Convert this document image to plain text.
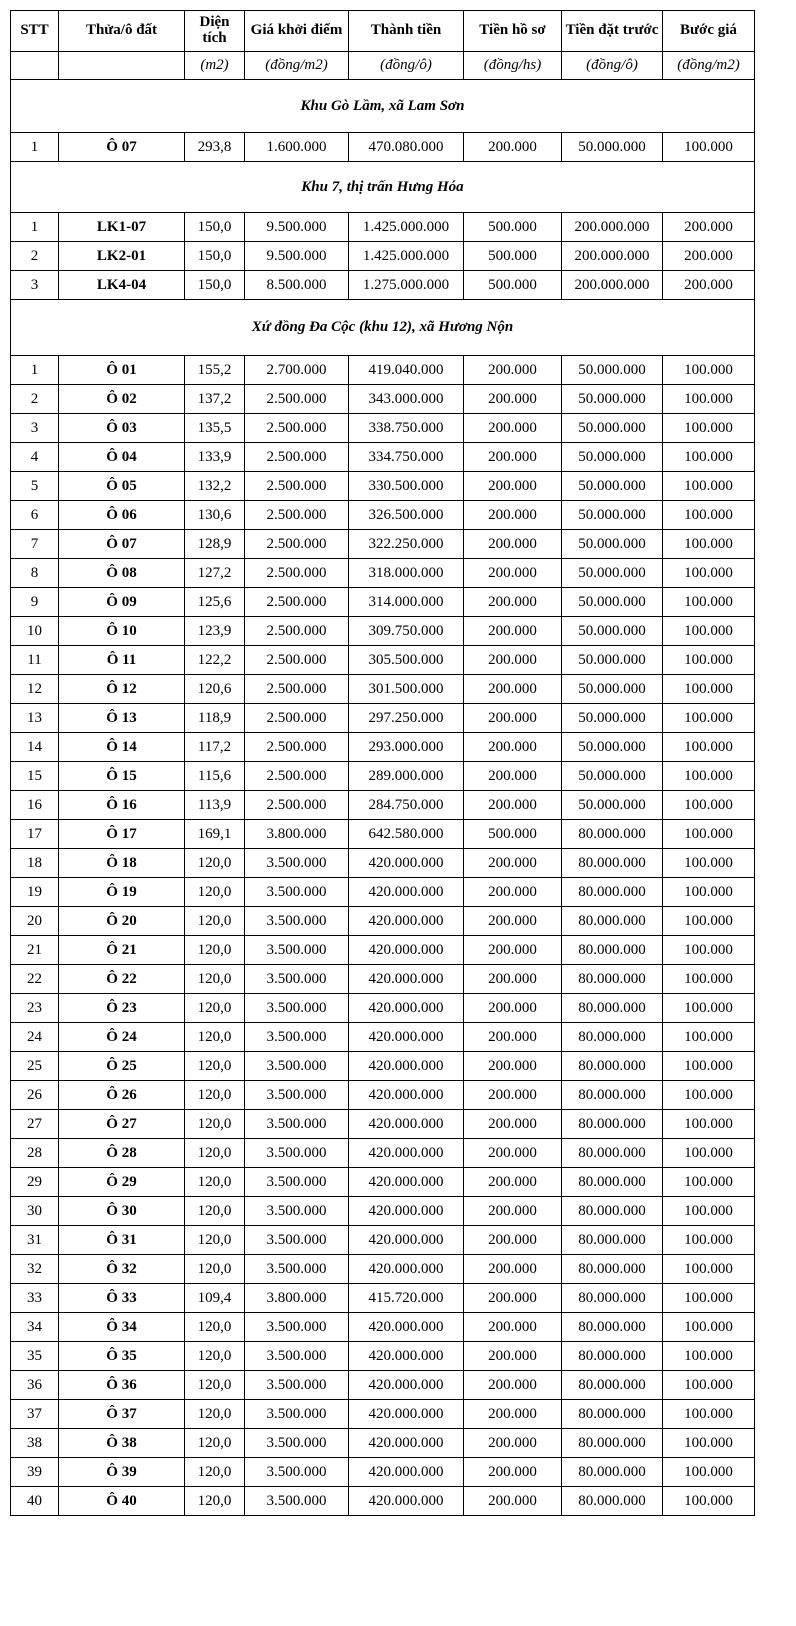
STT	Thửa/ô đất	Diện tích	Giá khởi điểm	Thành tiền	Tiền hồ sơ	Tiền đặt trước	Bước giá
		(m2)	(đồng/m2)	(đồng/ô)	(đồng/hs)	(đồng/ô)	(đồng/m2)
Khu Gò Lầm, xã Lam Sơn							
1	Ô 07	293,8	1.600.000	470.080.000	200.000	50.000.000	100.000
Khu 7, thị trấn Hưng Hóa							
1	LK1-07	150,0	9.500.000	1.425.000.000	500.000	200.000.000	200.000
2	LK2-01	150,0	9.500.000	1.425.000.000	500.000	200.000.000	200.000
3	LK4-04	150,0	8.500.000	1.275.000.000	500.000	200.000.000	200.000
Xứ đồng Đa Cộc (khu 12), xã Hương Nộn							
1	Ô 01	155,2	2.700.000	419.040.000	200.000	50.000.000	100.000
2	Ô 02	137,2	2.500.000	343.000.000	200.000	50.000.000	100.000
3	Ô 03	135,5	2.500.000	338.750.000	200.000	50.000.000	100.000
4	Ô 04	133,9	2.500.000	334.750.000	200.000	50.000.000	100.000
5	Ô 05	132,2	2.500.000	330.500.000	200.000	50.000.000	100.000
6	Ô 06	130,6	2.500.000	326.500.000	200.000	50.000.000	100.000
7	Ô 07	128,9	2.500.000	322.250.000	200.000	50.000.000	100.000
8	Ô 08	127,2	2.500.000	318.000.000	200.000	50.000.000	100.000
9	Ô 09	125,6	2.500.000	314.000.000	200.000	50.000.000	100.000
10	Ô 10	123,9	2.500.000	309.750.000	200.000	50.000.000	100.000
11	Ô 11	122,2	2.500.000	305.500.000	200.000	50.000.000	100.000
12	Ô 12	120,6	2.500.000	301.500.000	200.000	50.000.000	100.000
13	Ô 13	118,9	2.500.000	297.250.000	200.000	50.000.000	100.000
14	Ô 14	117,2	2.500.000	293.000.000	200.000	50.000.000	100.000
15	Ô 15	115,6	2.500.000	289.000.000	200.000	50.000.000	100.000
16	Ô 16	113,9	2.500.000	284.750.000	200.000	50.000.000	100.000
17	Ô 17	169,1	3.800.000	642.580.000	500.000	80.000.000	100.000
18	Ô 18	120,0	3.500.000	420.000.000	200.000	80.000.000	100.000
19	Ô 19	120,0	3.500.000	420.000.000	200.000	80.000.000	100.000
20	Ô 20	120,0	3.500.000	420.000.000	200.000	80.000.000	100.000
21	Ô 21	120,0	3.500.000	420.000.000	200.000	80.000.000	100.000
22	Ô 22	120,0	3.500.000	420.000.000	200.000	80.000.000	100.000
23	Ô 23	120,0	3.500.000	420.000.000	200.000	80.000.000	100.000
24	Ô 24	120,0	3.500.000	420.000.000	200.000	80.000.000	100.000
25	Ô 25	120,0	3.500.000	420.000.000	200.000	80.000.000	100.000
26	Ô 26	120,0	3.500.000	420.000.000	200.000	80.000.000	100.000
27	Ô 27	120,0	3.500.000	420.000.000	200.000	80.000.000	100.000
28	Ô 28	120,0	3.500.000	420.000.000	200.000	80.000.000	100.000
29	Ô 29	120,0	3.500.000	420.000.000	200.000	80.000.000	100.000
30	Ô 30	120,0	3.500.000	420.000.000	200.000	80.000.000	100.000
31	Ô 31	120,0	3.500.000	420.000.000	200.000	80.000.000	100.000
32	Ô 32	120,0	3.500.000	420.000.000	200.000	80.000.000	100.000
33	Ô 33	109,4	3.800.000	415.720.000	200.000	80.000.000	100.000
34	Ô 34	120,0	3.500.000	420.000.000	200.000	80.000.000	100.000
35	Ô 35	120,0	3.500.000	420.000.000	200.000	80.000.000	100.000
36	Ô 36	120,0	3.500.000	420.000.000	200.000	80.000.000	100.000
37	Ô 37	120,0	3.500.000	420.000.000	200.000	80.000.000	100.000
38	Ô 38	120,0	3.500.000	420.000.000	200.000	80.000.000	100.000
39	Ô 39	120,0	3.500.000	420.000.000	200.000	80.000.000	100.000
40	Ô 40	120,0	3.500.000	420.000.000	200.000	80.000.000	100.000
